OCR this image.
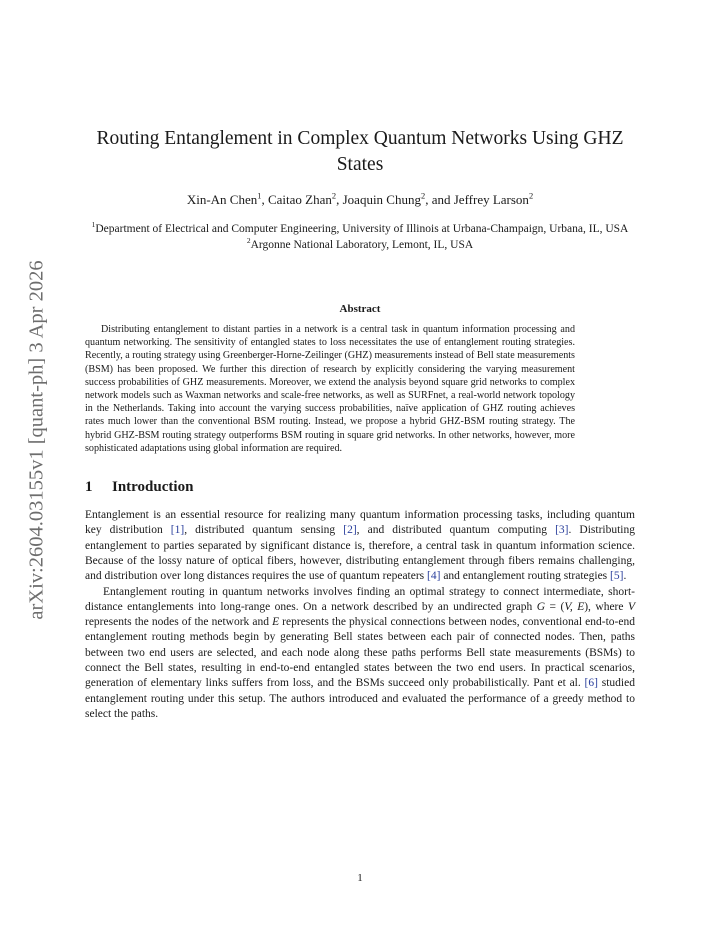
arXiv:2604.03155v1 [quant-ph] 3 Apr 2026
Routing Entanglement in Complex Quantum Networks Using GHZ States
Xin-An Chen$^1$, Caitao Zhan$^2$, Joaquin Chung$^2$, and Jeffrey Larson$^2$
$^1$Department of Electrical and Computer Engineering, University of Illinois at Urbana-Champaign, Urbana, IL, USA
$^2$Argonne National Laboratory, Lemont, IL, USA
Abstract

Distributing entanglement to distant parties in a network is a central task in quantum information processing and quantum networking. The sensitivity of entangled states to loss necessitates the use of entanglement routing strategies. Recently, a routing strategy using Greenberger-Horne-Zeilinger (GHZ) measurements instead of Bell state measurements (BSM) has been proposed. We further this direction of research by explicitly considering the varying measurement success probabilities of GHZ measurements. Moreover, we extend the analysis beyond square grid networks to complex network models such as Waxman networks and scale-free networks, as well as SURFnet, a real-world network topology in the Netherlands. Taking into account the varying success probabilities, naïve application of GHZ routing achieves rates much lower than the conventional BSM routing. Instead, we propose a hybrid GHZ-BSM routing strategy. The hybrid GHZ-BSM routing strategy outperforms BSM routing in square grid networks. In other networks, however, more sophisticated adaptations using global information are required.

1	Introduction

Entanglement is an essential resource for realizing many quantum information processing tasks, including quantum key distribution [1], distributed quantum sensing [2], and distributed quantum computing [3]. Distributing entanglement to parties separated by significant distance is, therefore, a central task in quantum information science. Because of the lossy nature of optical fibers, however, distributing entanglement through fibers remains challenging, and distribution over long distances requires the use of quantum repeaters [4] and entanglement routing strategies [5].

Entanglement routing in quantum networks involves finding an optimal strategy to connect intermediate, short-distance entanglements into long-range ones. On a network described by an undirected graph G = (V, E), where V represents the nodes of the network and E represents the physical connections between nodes, conventional end-to-end entanglement routing methods begin by generating Bell states between each pair of connected nodes. Then, paths between two end users are selected, and each node along these paths performs Bell state measurements (BSMs) to connect the Bell states, resulting in end-to-end entangled states between the two end users. In practical scenarios, generation of elementary links suffers from loss, and the BSMs succeed only probabilistically. Pant et al. [6] studied entanglement routing under this setup. The authors introduced and evaluated the performance of a greedy method to select the paths.

1
